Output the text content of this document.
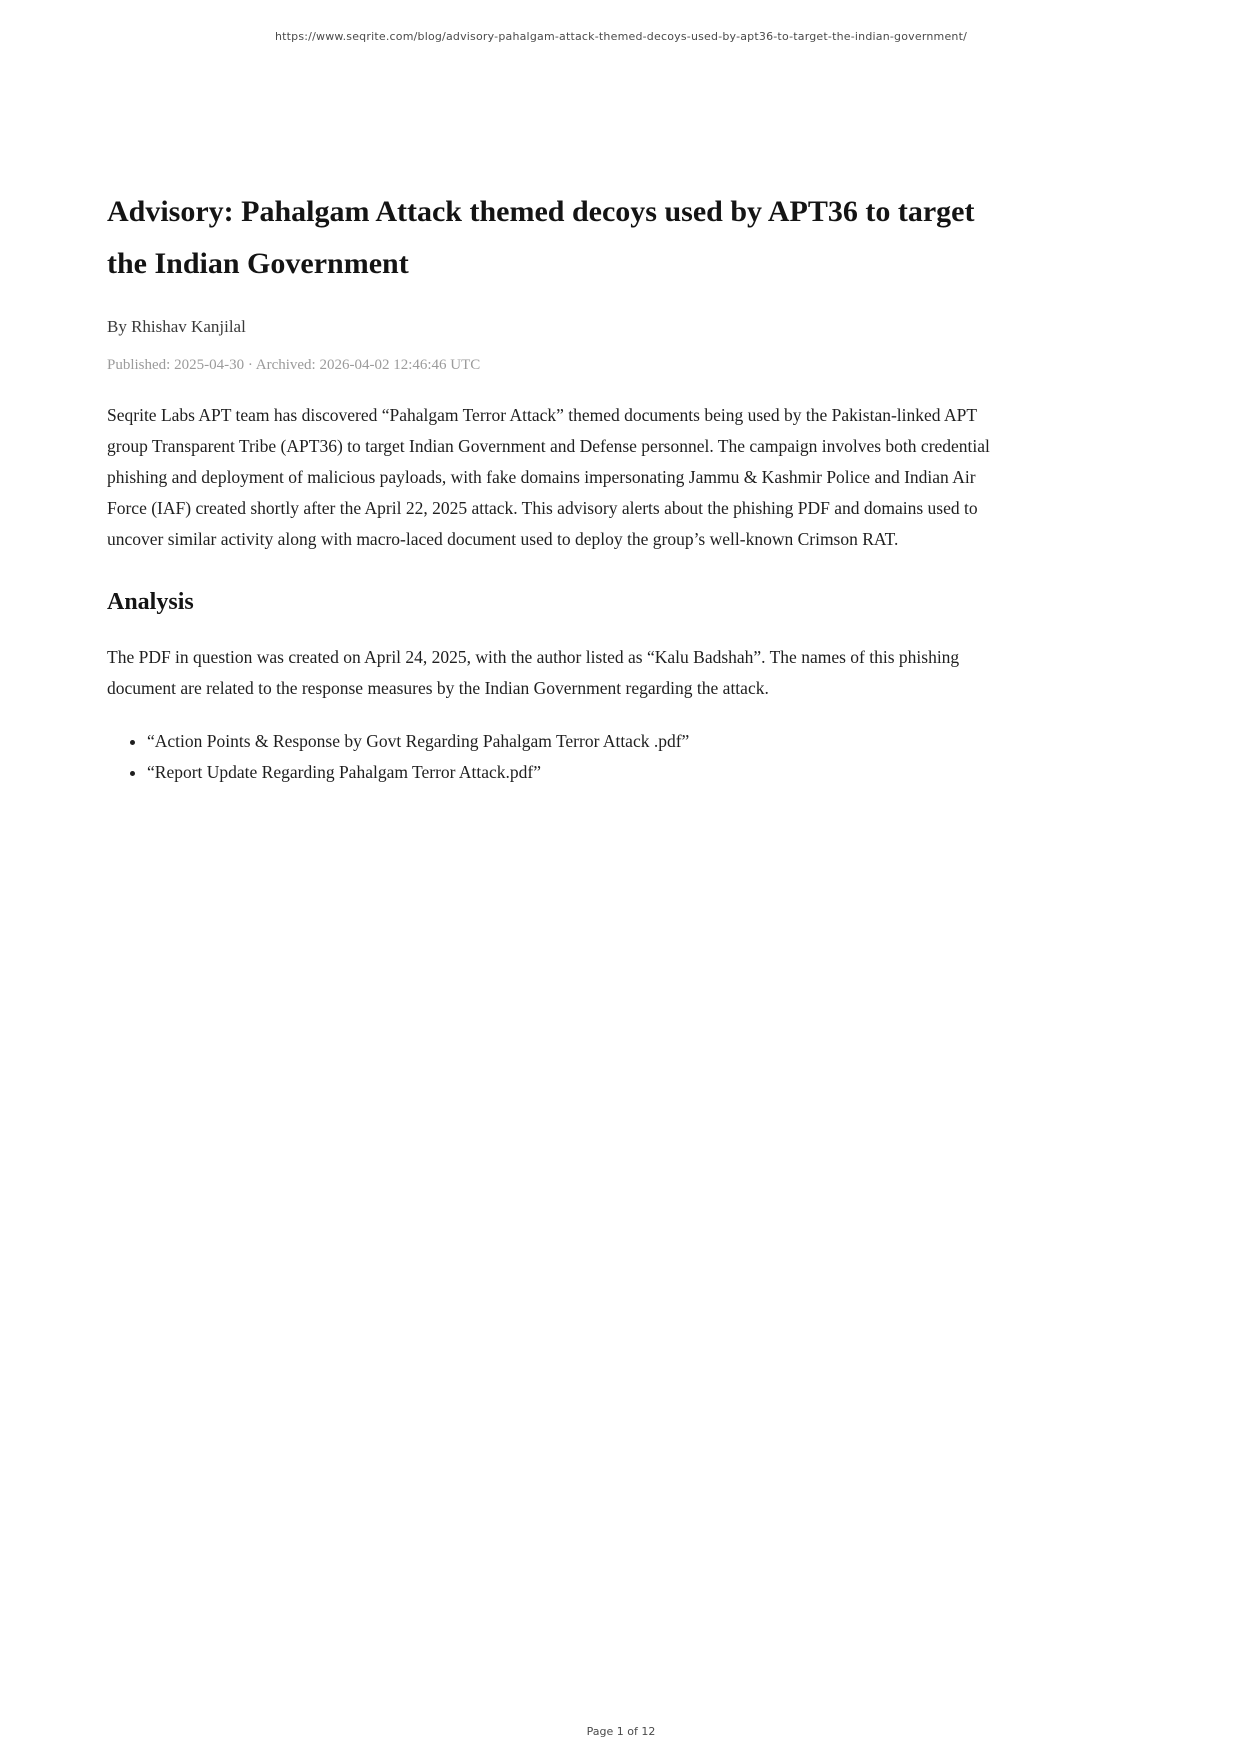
https://www.seqrite.com/blog/advisory-pahalgam-attack-themed-decoys-used-by-apt36-to-target-the-indian-government/
Advisory: Pahalgam Attack themed decoys used by APT36 to target the Indian Government

By Rhishav Kanjilal

Published: 2025-04-30 · Archived: 2026-04-02 12:46:46 UTC

Seqrite Labs APT team has discovered “Pahalgam Terror Attack” themed documents being used by the Pakistan-linked APT group Transparent Tribe (APT36) to target Indian Government and Defense personnel. The campaign involves both credential phishing and deployment of malicious payloads, with fake domains impersonating Jammu & Kashmir Police and Indian Air Force (IAF) created shortly after the April 22, 2025 attack. This advisory alerts about the phishing PDF and domains used to uncover similar activity along with macro-laced document used to deploy the group’s well-known Crimson RAT.

Analysis

The PDF in question was created on April 24, 2025, with the author listed as “Kalu Badshah”. The names of this phishing document are related to the response measures by the Indian Government regarding the attack.

• “Action Points & Response by Govt Regarding Pahalgam Terror Attack .pdf”
• “Report Update Regarding Pahalgam Terror Attack.pdf”
Page 1 of 12
